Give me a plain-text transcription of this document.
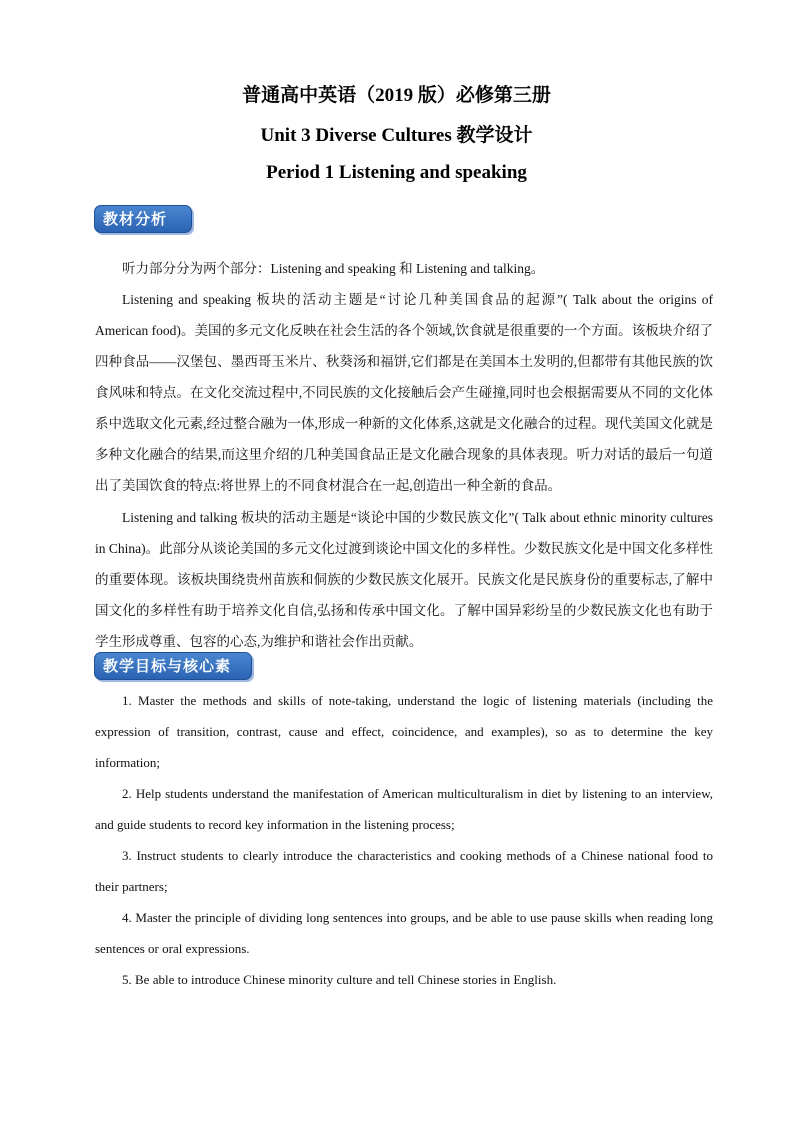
普通高中英语（2019 版）必修第三册
Unit 3 Diverse Cultures 教学设计
Period 1 Listening and speaking
教材分析

听力部分分为两个部分：Listening and speaking 和 Listening and talking。

Listening and speaking 板块的活动主题是“讨论几种美国食品的起源”( Talk about the origins of American food)。美国的多元文化反映在社会生活的各个领域,饮食就是很重要的一个方面。该板块介绍了四种食品——汉堡包、墨西哥玉米片、秋葵汤和福饼,它们都是在美国本土发明的,但都带有其他民族的饮食风味和特点。在文化交流过程中,不同民族的文化接触后会产生碰撞,同时也会根据需要从不同的文化体系中选取文化元素,经过整合融为一体,形成一种新的文化体系,这就是文化融合的过程。现代美国文化就是多种文化融合的结果,而这里介绍的几种美国食品正是文化融合现象的具体表现。听力对话的最后一句道出了美国饮食的特点:将世界上的不同食材混合在一起,创造出一种全新的食品。

Listening and talking 板块的活动主题是“谈论中国的少数民族文化”( Talk about ethnic minority cultures in China)。此部分从谈论美国的多元文化过渡到谈论中国文化的多样性。少数民族文化是中国文化多样性的重要体现。该板块围绕贵州苗族和侗族的少数民族文化展开。民族文化是民族身份的重要标志,了解中国文化的多样性有助于培养文化自信,弘扬和传承中国文化。了解中国异彩纷呈的少数民族文化也有助于学生形成尊重、包容的心态,为维护和谐社会作出贡献。

教学目标与核心素养 1. Master the methods and skills of note-taking, understand the logic of listening materials (including the expression of transition, contrast, cause and effect, coincidence, and examples), so as to determine the key information;

2. Help students understand the manifestation of American multiculturalism in diet by listening to an interview, and guide students to record key information in the listening process;

3. Instruct students to clearly introduce the characteristics and cooking methods of a Chinese national food to their partners;

4. Master the principle of dividing long sentences into groups, and be able to use pause skills when reading long sentences or oral expressions.

5. Be able to introduce Chinese minority culture and tell Chinese stories in English.
